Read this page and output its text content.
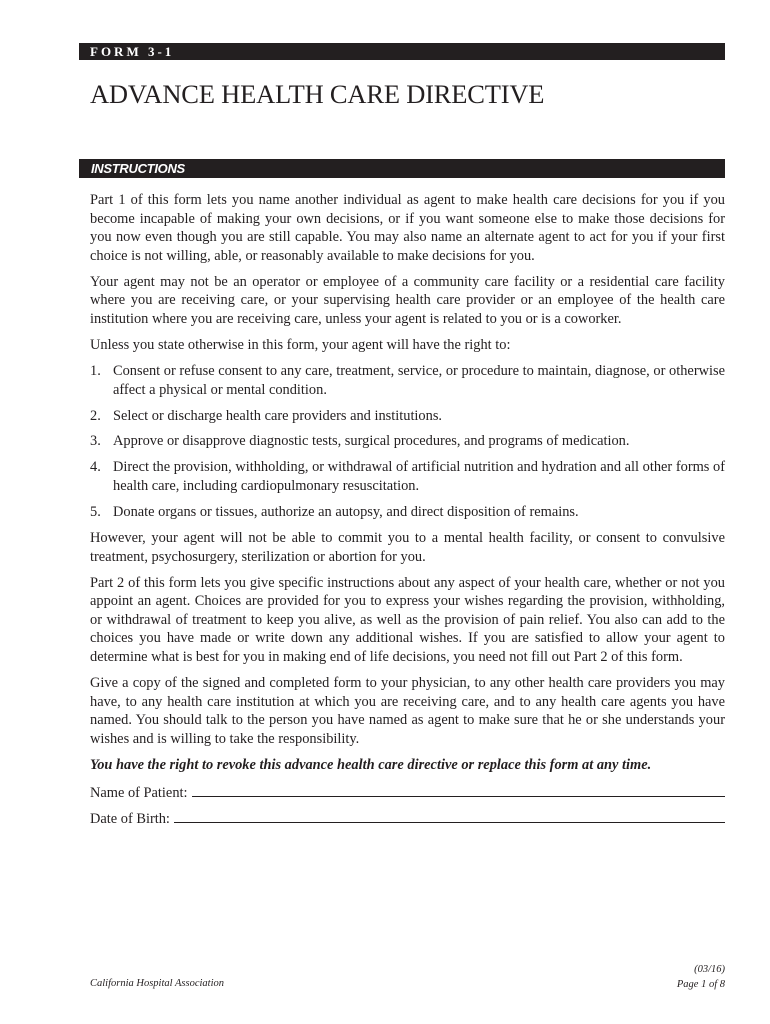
FORM 3-1
ADVANCE HEALTH CARE DIRECTIVE
INSTRUCTIONS

Part 1 of this form lets you name another individual as agent to make health care decisions for you if you become incapable of making your own decisions, or if you want someone else to make those decisions for you now even though you are still capable. You may also name an alternate agent to act for you if your first choice is not willing, able, or reasonably available to make decisions for you.

Your agent may not be an operator or employee of a community care facility or a residential care facility where you are receiving care, or your supervising health care provider or an employee of the health care institution where you are receiving care, unless your agent is related to you or is a coworker.

Unless you state otherwise in this form, your agent will have the right to:

1. Consent or refuse consent to any care, treatment, service, or procedure to maintain, diagnose, or otherwise affect a physical or mental condition.
2. Select or discharge health care providers and institutions.
3. Approve or disapprove diagnostic tests, surgical procedures, and programs of medication.
4. Direct the provision, withholding, or withdrawal of artificial nutrition and hydration and all other forms of health care, including cardiopulmonary resuscitation.
5. Donate organs or tissues, authorize an autopsy, and direct disposition of remains.

However, your agent will not be able to commit you to a mental health facility, or consent to convulsive treatment, psychosurgery, sterilization or abortion for you.

Part 2 of this form lets you give specific instructions about any aspect of your health care, whether or not you appoint an agent. Choices are provided for you to express your wishes regarding the provision, withholding, or withdrawal of treatment to keep you alive, as well as the provision of pain relief. You also can add to the choices you have made or write down any additional wishes. If you are satisfied to allow your agent to determine what is best for you in making end of life decisions, you need not fill out Part 2 of this form.

Give a copy of the signed and completed form to your physician, to any other health care providers you may have, to any health care institution at which you are receiving care, and to any health care agents you have named. You should talk to the person you have named as agent to make sure that he or she understands your wishes and is willing to take the responsibility.

You have the right to revoke this advance health care directive or replace this form at any time.

Name of Patient:
Date of Birth:
California Hospital Association
(03/16)
Page 1 of 8
